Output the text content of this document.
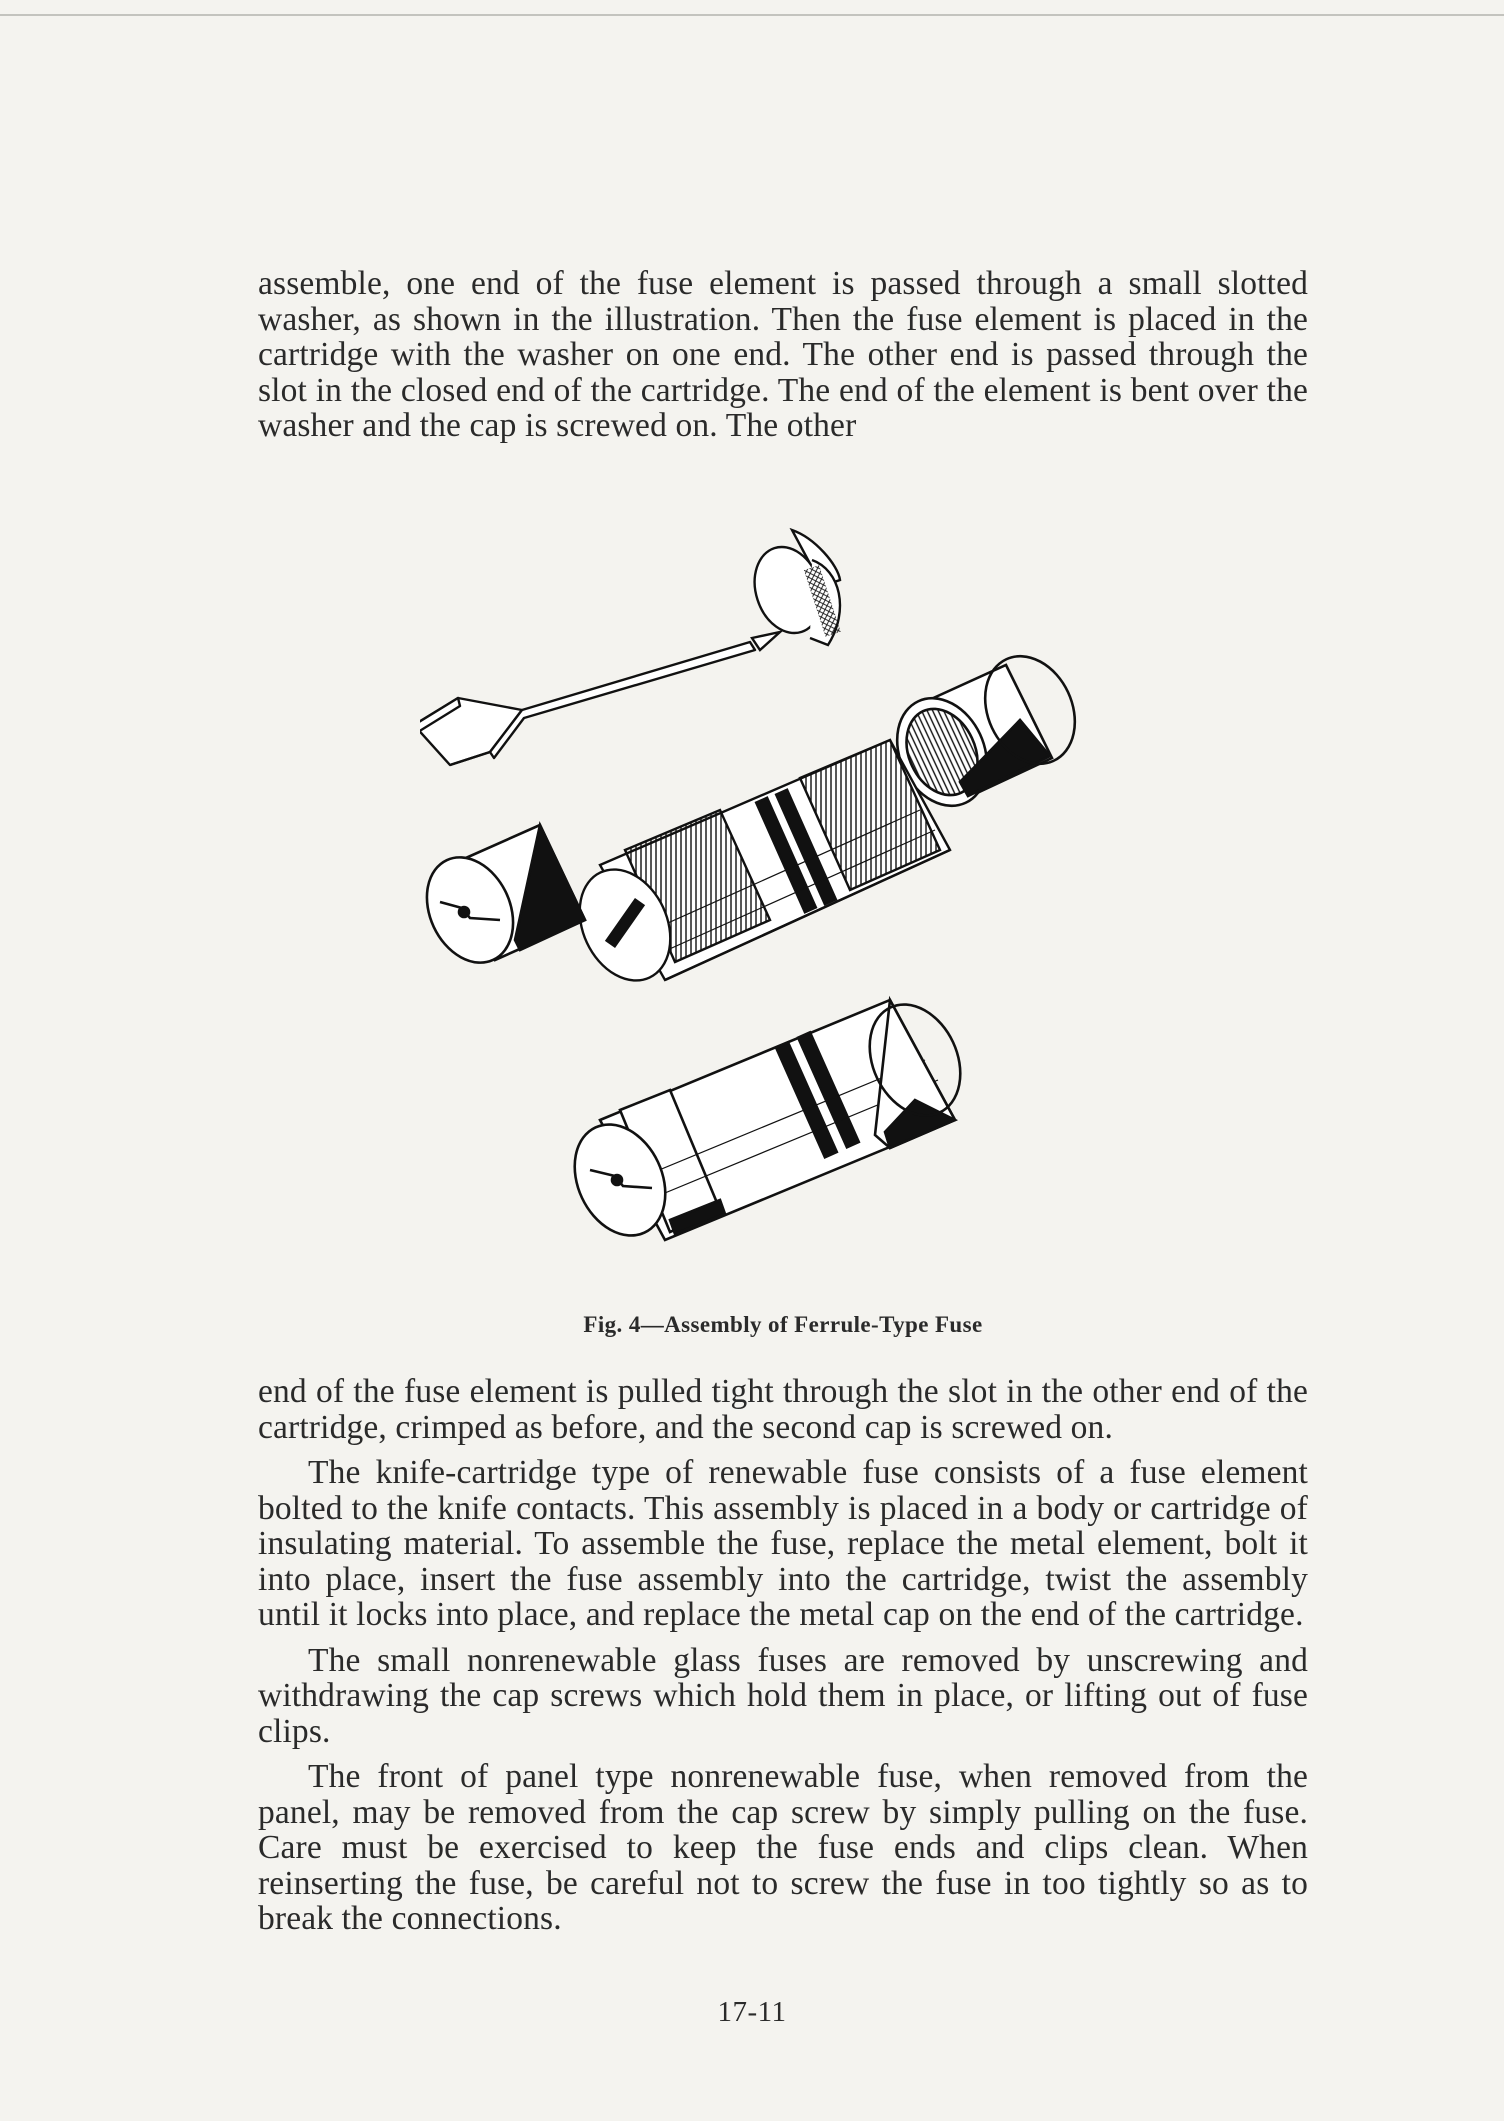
assemble, one end of the fuse element is passed through a small slotted washer, as shown in the illustration. Then the fuse element is placed in the cartridge with the washer on one end. The other end is passed through the slot in the closed end of the cartridge. The end of the element is bent over the washer and the cap is screwed on. The other

Fig. 4—Assembly of Ferrule-Type Fuse

end of the fuse element is pulled tight through the slot in the other end of the cartridge, crimped as before, and the second cap is screwed on.

The knife-cartridge type of renewable fuse consists of a fuse element bolted to the knife contacts. This assembly is placed in a body or cartridge of insulating material. To assemble the fuse, replace the metal element, bolt it into place, insert the fuse assembly into the cartridge, twist the assembly until it locks into place, and replace the metal cap on the end of the cartridge.

The small nonrenewable glass fuses are removed by unscrewing and withdrawing the cap screws which hold them in place, or lifting out of fuse clips.

The front of panel type nonrenewable fuse, when removed from the panel, may be removed from the cap screw by simply pulling on the fuse. Care must be exercised to keep the fuse ends and clips clean. When reinserting the fuse, be careful not to screw the fuse in too tightly so as to break the connections.

17-11
